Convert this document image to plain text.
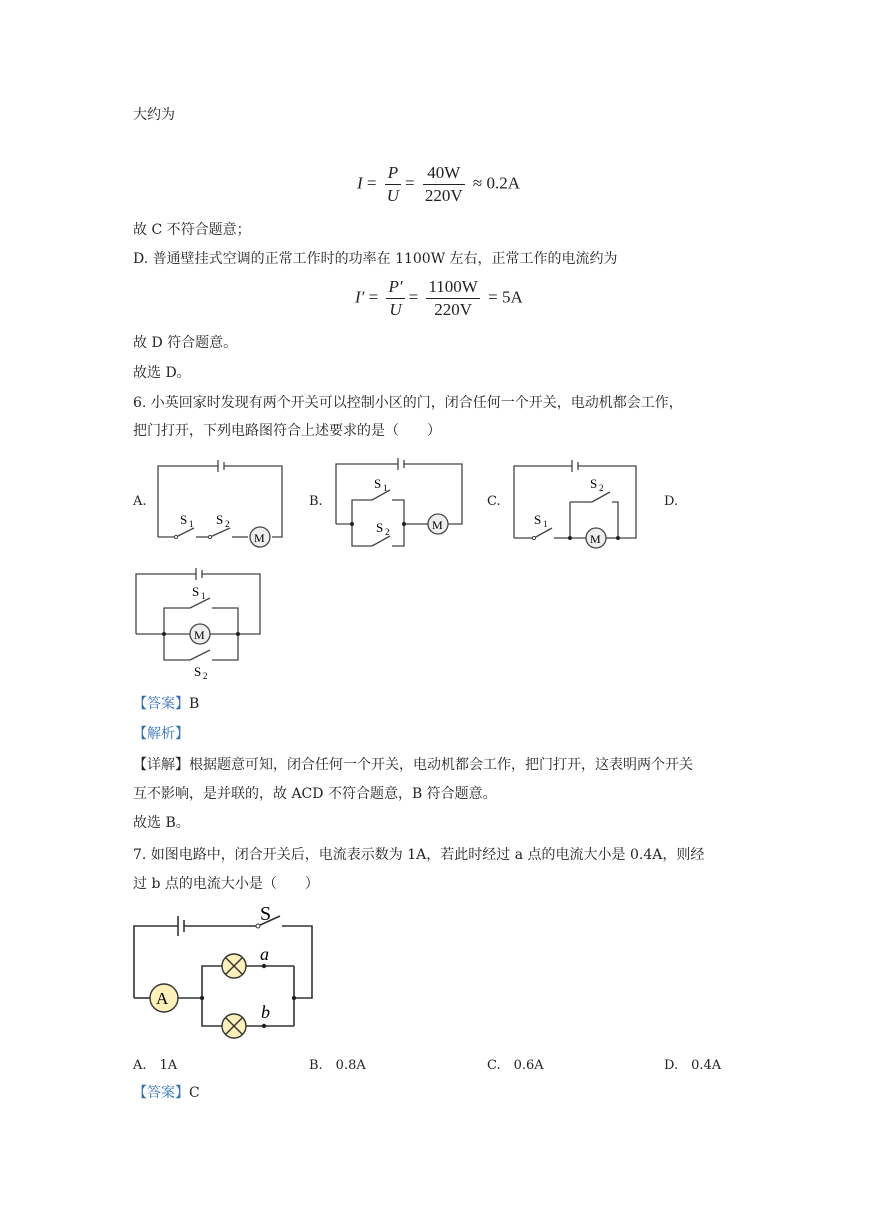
大约为
$I = \frac{P}{U} = \frac{40W}{220V} \approx 0.2A$
故 C 不符合题意；
D. 普通壁挂式空调的正常工作时的功率在 1100W 左右，正常工作的电流约为
$I' = \frac{P'}{U} = \frac{1100W}{220V} = 5A$
故 D 符合题意。
故选 D。
6. 小英回家时发现有两个开关可以控制小区的门，闭合任何一个开关，电动机都会工作，
把门打开，下列电路图符合上述要求的是（　　）
A.	B.	C.	D.
S 1 S 2
M
S 1
S 2	M	S 1
S 2
M
S 1
S 2
M
【答案】B
【解析】
【详解】根据题意可知，闭合任何一个开关，电动机都会工作，把门打开，这表明两个开关
互不影响，是并联的，故 ACD 不符合题意，B 符合题意。
故选 B。
7. 如图电路中，闭合开关后，电流表示数为 1A，若此时经过 a 点的电流大小是 0.4A，则经
过 b 点的电流大小是（　　）
S
A
a
b
A.　1A	B.　0.8A	C.　0.6A	D.　0.4A
【答案】C
